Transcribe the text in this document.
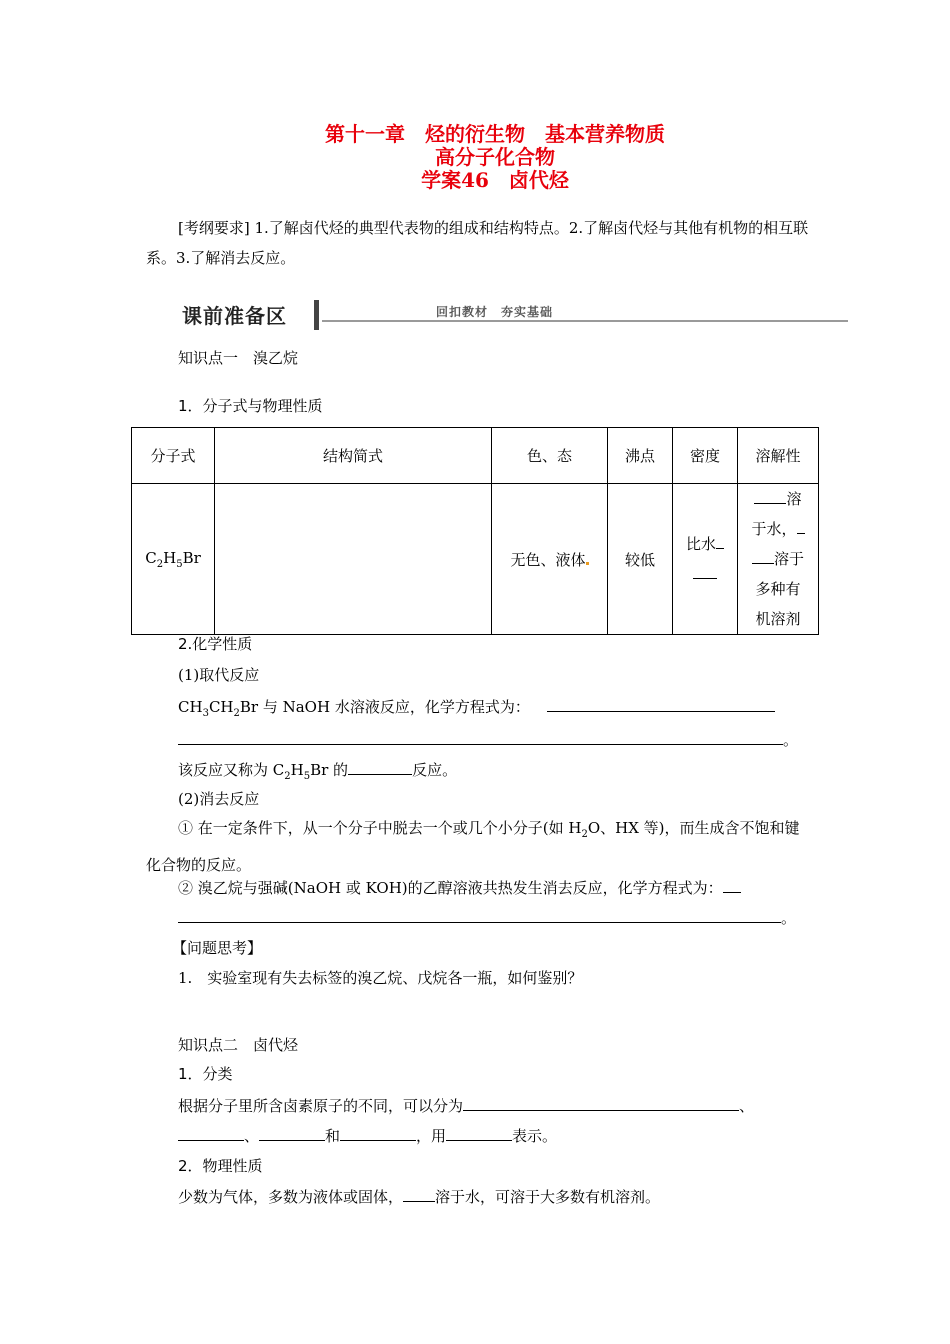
第十一章　烃的衍生物　基本营养物质
高分子化合物
学案46　卤代烃
[考纲要求] 1.了解卤代烃的典型代表物的组成和结构特点。2.了解卤代烃与其他有机物的相互联系。3.了解消去反应。
课前准备区	回扣教材　夯实基础
知识点一　溴乙烷
1．分子式与物理性质
分子式	结构简式	色、态	沸点	密度	溶解性
$C_2H_5Br$		无色、液体	较低	比水	溶
于水，
溶于
多种有
机溶剂
2.化学性质
(1)取代反应
$CH_3CH_2Br$ 与 NaOH 水溶液反应，化学方程式为：
。
该反应又称为 $C_2H_5Br$ 的	反应。
(2)消去反应
① 在一定条件下，从一个分子中脱去一个或几个小分子(如 $H_2O$、HX 等)，而生成含不饱和键化合物的反应。
② 溴乙烷与强碱(NaOH 或 KOH)的乙醇溶液共热发生消去反应，化学方程式为：
。
【问题思考】
1.　实验室现有失去标签的溴乙烷、戊烷各一瓶，如何鉴别？
知识点二　卤代烃
1．分类
根据分子里所含卤素原子的不同，可以分为	、
、	和	，用	表示。
2．物理性质
少数为气体，多数为液体或固体， 溶于水，可溶于大多数有机溶剂。
